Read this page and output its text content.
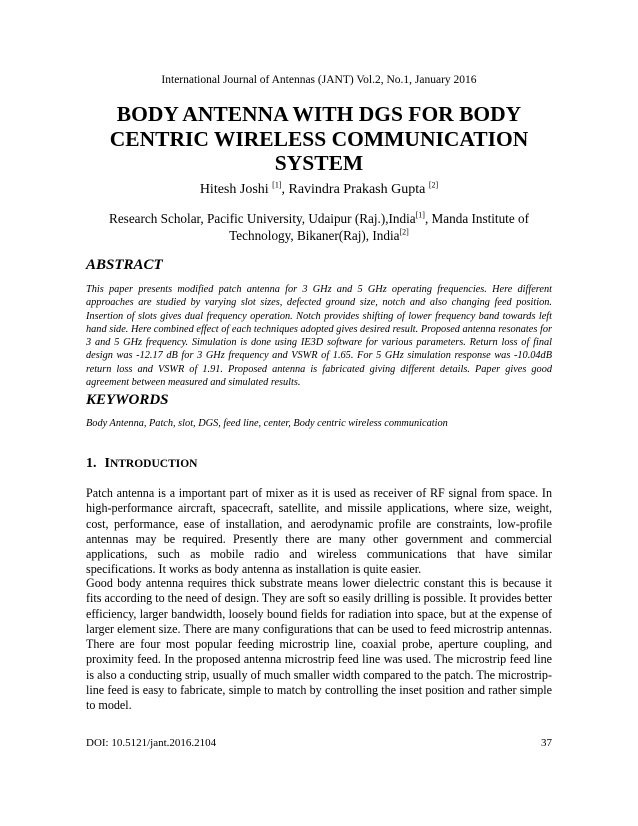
International Journal of Antennas (JANT) Vol.2, No.1, January 2016
BODY ANTENNA WITH DGS FOR BODY CENTRIC WIRELESS COMMUNICATION SYSTEM
Hitesh Joshi [1], Ravindra Prakash Gupta [2]
Research Scholar, Pacific University, Udaipur (Raj.),India[1], Manda Institute of Technology, Bikaner(Raj), India[2]
ABSTRACT
This paper presents modified patch antenna for 3 GHz and 5 GHz operating frequencies. Here different approaches are studied by varying slot sizes, defected ground size, notch and also changing feed position. Insertion of slots gives dual frequency operation. Notch provides shifting of lower frequency band towards left hand side. Here combined effect of each techniques adopted gives desired result. Proposed antenna resonates for 3 and 5 GHz frequency. Simulation is done using IE3D software for various parameters. Return loss of final design was -12.17 dB for 3 GHz frequency and VSWR of 1.65. For 5 GHz simulation response was -10.04dB return loss and VSWR of 1.91. Proposed antenna is fabricated giving different details. Paper gives good agreement between measured and simulated results.
KEYWORDS
Body Antenna, Patch, slot, DGS, feed line, center, Body centric wireless communication
1. INTRODUCTION
Patch antenna is a important part of mixer as it is used as receiver of RF signal from space. In high-performance aircraft, spacecraft, satellite, and missile applications, where size, weight, cost, performance, ease of installation, and aerodynamic profile are constraints, low-profile antennas may be required. Presently there are many other government and commercial applications, such as mobile radio and wireless communications that have similar specifications. It works as body antenna as installation is quite easier.
Good body antenna requires thick substrate means lower dielectric constant this is because it fits according to the need of design. They are soft so easily drilling is possible. It provides better efficiency, larger bandwidth, loosely bound fields for radiation into space, but at the expense of larger element size. There are many configurations that can be used to feed microstrip antennas. There are four most popular feeding microstrip line, coaxial probe, aperture coupling, and proximity feed. In the proposed antenna microstrip feed line was used. The microstrip feed line is also a conducting strip, usually of much smaller width compared to the patch. The microstrip-line feed is easy to fabricate, simple to match by controlling the inset position and rather simple to model.
DOI: 10.5121/jant.2016.2104	37
